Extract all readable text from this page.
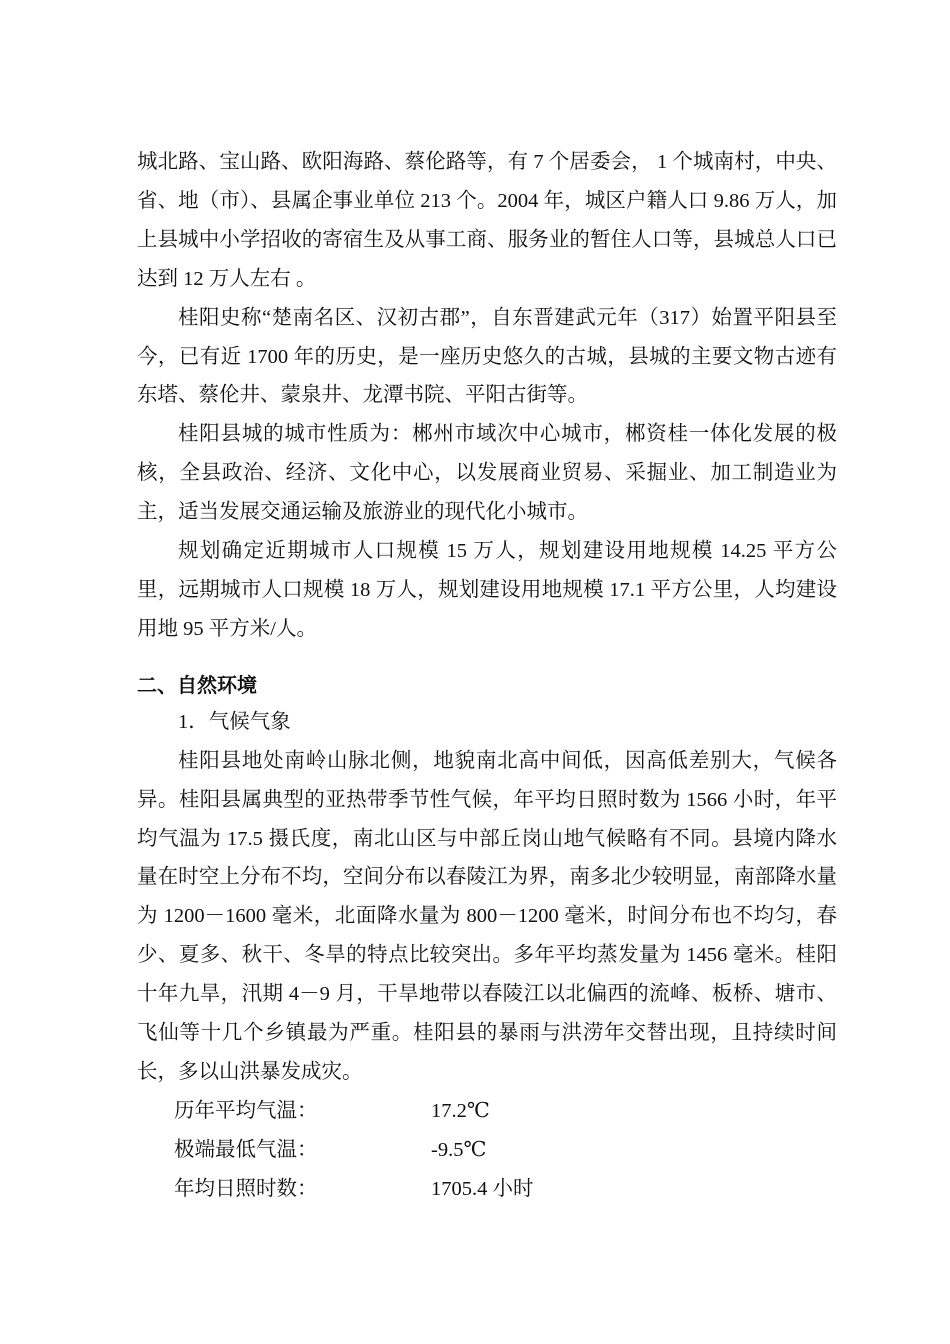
城北路、宝山路、欧阳海路、蔡伦路等，有 7 个居委会， 1 个城南村，中央、省、地（市）、县属企事业单位 213 个。2004 年，城区户籍人口 9.86 万人，加上县城中小学招收的寄宿生及从事工商、服务业的暂住人口等，县城总人口已达到 12 万人左右 。

桂阳史称“楚南名区、汉初古郡”，自东晋建武元年（317）始置平阳县至今，已有近 1700 年的历史，是一座历史悠久的古城，县城的主要文物古迹有东塔、蔡伦井、蒙泉井、龙潭书院、平阳古街等。

桂阳县城的城市性质为：郴州市域次中心城市，郴资桂一体化发展的极核，全县政治、经济、文化中心，以发展商业贸易、采掘业、加工制造业为主，适当发展交通运输及旅游业的现代化小城市。

规划确定近期城市人口规模 15 万人，规划建设用地规模 14.25 平方公里，远期城市人口规模 18 万人，规划建设用地规模 17.1 平方公里，人均建设用地 95 平方米/人。

二、自然环境

1．气候气象

桂阳县地处南岭山脉北侧，地貌南北高中间低，因高低差别大，气候各异。桂阳县属典型的亚热带季节性气候，年平均日照时数为 1566 小时，年平均气温为 17.5 摄氏度，南北山区与中部丘岗山地气候略有不同。县境内降水量在时空上分布不均，空间分布以春陵江为界，南多北少较明显，南部降水量为 1200－1600 毫米，北面降水量为 800－1200 毫米，时间分布也不均匀，春少、夏多、秋干、冬旱的特点比较突出。多年平均蒸发量为 1456 毫米。桂阳十年九旱，汛期 4－9 月，干旱地带以春陵江以北偏西的流峰、板桥、塘市、飞仙等十几个乡镇最为严重。桂阳县的暴雨与洪涝年交替出现，且持续时间长，多以山洪暴发成灾。

历年平均气温：	17.2℃
极端最低气温：	-9.5℃
年均日照时数：	1705.4 小时
